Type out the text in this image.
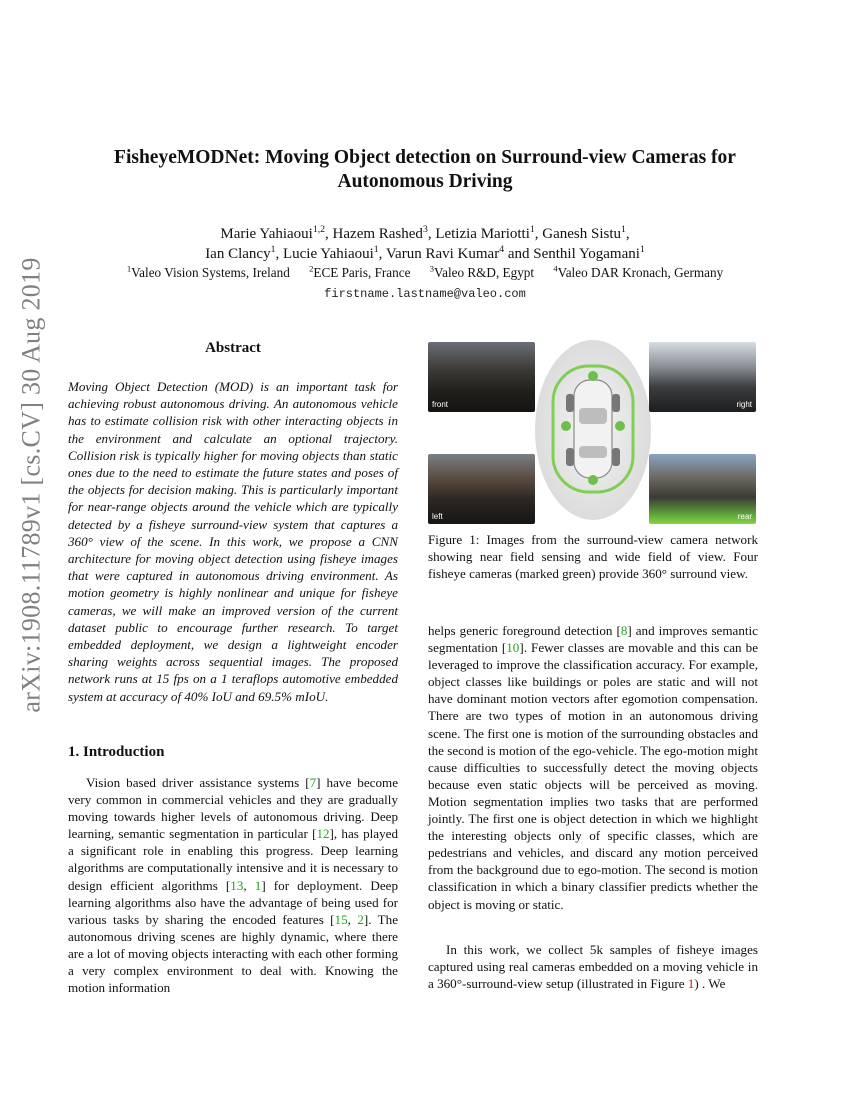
arXiv:1908.11789v1 [cs.CV] 30 Aug 2019
FisheyeMODNet: Moving Object detection on Surround-view Cameras for
Autonomous Driving
Marie Yahiaoui$^{1,2}$, Hazem Rashed$^3$, Letizia Mariotti$^1$, Ganesh Sistu$^1$,
Ian Clancy$^1$, Lucie Yahiaoui$^1$, Varun Ravi Kumar$^4$ and Senthil Yogamani$^1$
$^1$Valeo Vision Systems, Ireland $^2$ECE Paris, France $^3$Valeo R&D, Egypt $^4$Valeo DAR Kronach, Germany
firstname.lastname@valeo.com
Abstract
Moving Object Detection (MOD) is an important task for achieving robust autonomous driving. An autonomous vehicle has to estimate collision risk with other interacting objects in the environment and calculate an optional trajectory. Collision risk is typically higher for moving objects than static ones due to the need to estimate the future states and poses of the objects for decision making. This is particularly important for near-range objects around the vehicle which are typically detected by a fisheye surround-view system that captures a 360° view of the scene. In this work, we propose a CNN architecture for moving object detection using fisheye images that were captured in autonomous driving environment. As motion geometry is highly nonlinear and unique for fisheye cameras, we will make an improved version of the current dataset public to encourage further research. To target embedded deployment, we design a lightweight encoder sharing weights across sequential images. The proposed network runs at 15 fps on a 1 teraflops automotive embedded system at accuracy of 40% IoU and 69.5% mIoU.
1. Introduction
Vision based driver assistance systems [7] have become very common in commercial vehicles and they are gradually moving towards higher levels of autonomous driving. Deep learning, semantic segmentation in particular [12], has played a significant role in enabling this progress. Deep learning algorithms are computationally intensive and it is necessary to design efficient algorithms [13, 1] for deployment. Deep learning algorithms also have the advantage of being used for various tasks by sharing the encoded features [15, 2]. The autonomous driving scenes are highly dynamic, where there are a lot of moving objects interacting with each other forming a very complex environment to deal with. Knowing the motion information
front	right
left	rear
Figure 1: Images from the surround-view camera network showing near field sensing and wide field of view. Four fisheye cameras (marked green) provide 360° surround view.
helps generic foreground detection [8] and improves semantic segmentation [10]. Fewer classes are movable and this can be leveraged to improve the classification accuracy. For example, object classes like buildings or poles are static and will not have dominant motion vectors after egomotion compensation. There are two types of motion in an autonomous driving scene. The first one is motion of the surrounding obstacles and the second is motion of the ego-vehicle. The ego-motion might cause difficulties to successfully detect the moving objects because even static objects will be perceived as moving. Motion segmentation implies two tasks that are performed jointly. The first one is object detection in which we highlight the interesting objects only of specific classes, which are pedestrians and vehicles, and discard any motion perceived from the background due to ego-motion. The second is motion classification in which a binary classifier predicts whether the object is moving or static.
In this work, we collect 5k samples of fisheye images captured using real cameras embedded on a moving vehicle in a 360°-surround-view setup (illustrated in Figure 1) . We
